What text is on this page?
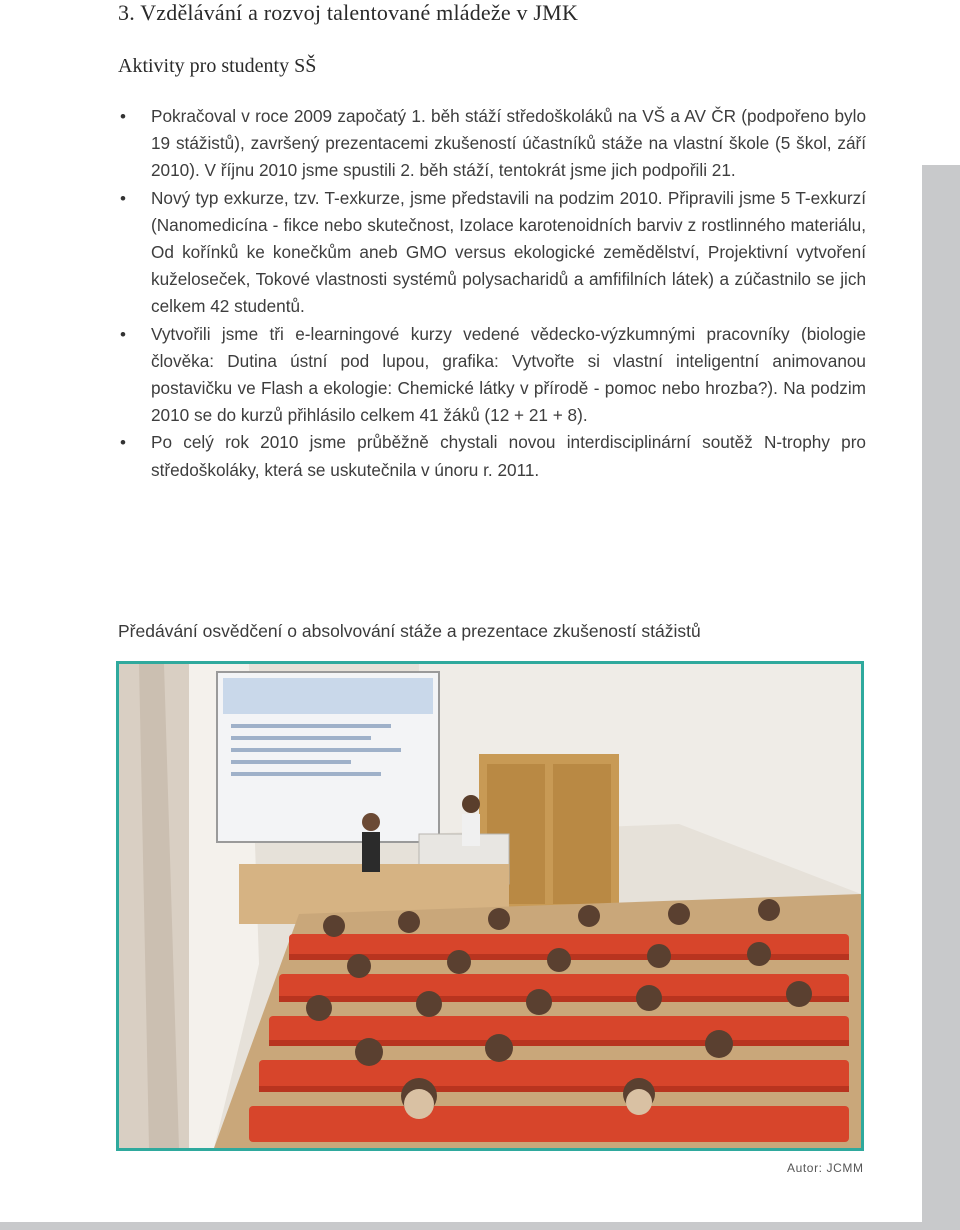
3. Vzdělávání a rozvoj talentované mládeže v JMK
Aktivity pro studenty SŠ
• Pokračoval v roce 2009 započatý 1. běh stáží středoškoláků na VŠ a AV ČR (podpořeno bylo 19 stážistů), završený prezentacemi zkušeností účastníků stáže na vlastní škole (5 škol, září 2010). V říjnu 2010 jsme spustili 2. běh stáží, tentokrát jsme jich podpořili 21.
• Nový typ exkurze, tzv. T-exkurze, jsme představili na podzim 2010. Připravili jsme 5 T-exkurzí (Nanomedicína - fikce nebo skutečnost, Izolace karotenoidních barviv z rostlinného materiálu, Od kořínků ke konečkům aneb GMO versus ekologické zemědělství, Projektivní vytvoření kuželoseček, Tokové vlastnosti systémů polysacharidů a amfifilních látek) a zúčastnilo se jich celkem 42 studentů.
• Vytvořili jsme tři e-learningové kurzy vedené vědecko-výzkumnými pracovníky (biologie člověka: Dutina ústní pod lupou, grafika: Vytvořte si vlastní inteligentní animovanou postavičku ve Flash a ekologie: Chemické látky v přírodě - pomoc nebo hrozba?). Na podzim 2010 se do kurzů přihlásilo celkem 41 žáků (12 + 21 + 8).
• Po celý rok 2010 jsme průběžně chystali novou interdisciplinární soutěž N-trophy pro středoškoláky, která se uskutečnila v únoru r. 2011.

Předávání osvědčení o absolvování stáže a prezentace zkušeností stážistů

Autor: JCMM
